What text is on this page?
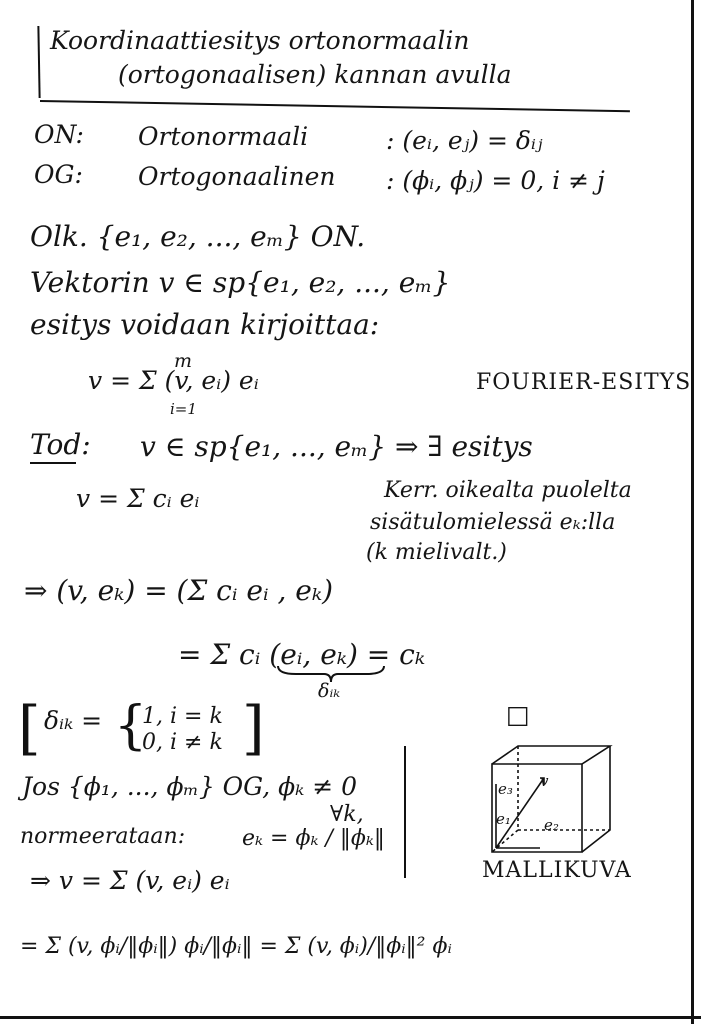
Koordinaattiesitys ortonormaalin
(ortogonaalisen) kannan avulla
ON: Ortonormaali	: (eᵢ, eⱼ) = δᵢⱼ
OG: Ortogonaalinen : (ϕᵢ, ϕⱼ) = 0, i ≠ j
Olk. {e₁, e₂, ..., eₘ} ON.
Vektorin v ∈ sp{e₁, e₂, ..., eₘ}
esitys voidaan kirjoittaa:
m
v = Σ (v, eᵢ) eᵢ
i=1
FOURIER-ESITYS
Tod: v ∈ sp{e₁, ..., eₘ} ⇒ ∃ esitys
v = Σ cᵢ eᵢ	Kerr. oikealta puolelta
sisätulomielessä eₖ:lla
(k mielivalt.)
⇒ (v, eₖ) = (Σ cᵢ eᵢ , eₖ)
= Σ cᵢ (eᵢ, eₖ) = cₖ
δᵢₖ
[ δᵢₖ = {
1, i = k
0, i ≠ k ]
Jos {ϕ₁, ..., ϕₘ} OG, ϕₖ ≠ 0
∀k,
normeerataan:	eₖ = ϕₖ / ‖ϕₖ‖
⇒ v = Σ (v, eᵢ) eᵢ
= Σ (v, ϕᵢ/‖ϕᵢ‖) ϕᵢ/‖ϕᵢ‖ = Σ (v, ϕᵢ)/‖ϕᵢ‖² ϕᵢ
□
v
e₃
e₁ e₂
MALLIKUVA
